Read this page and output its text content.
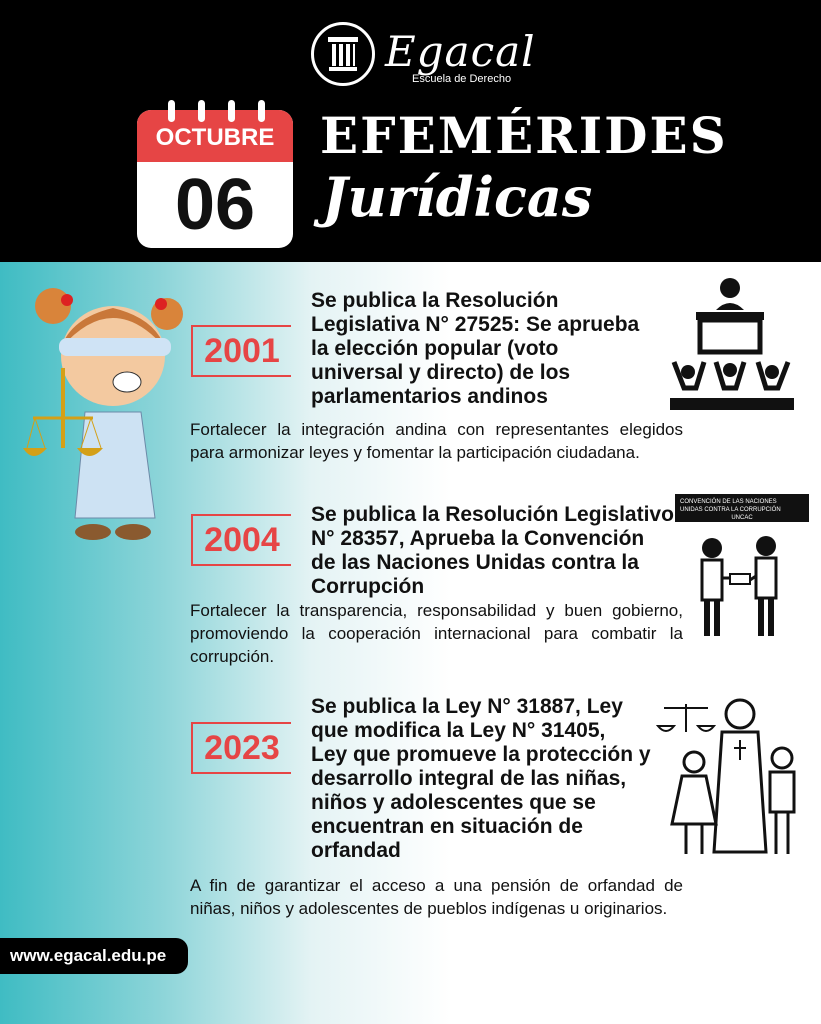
Egacal
Escuela de Derecho
OCTUBRE
06
EFEMÉRIDES
Jurídicas
2001
Se publica la Resolución
Legislativa N° 27525: Se aprueba
la elección popular (voto
universal y directo) de los
parlamentarios andinos

Fortalecer la integración andina con representantes elegidos para armonizar leyes y fomentar la participación ciudadana.

2004
Se publica la Resolución Legislativo
N° 28357, Aprueba la Convención
de las Naciones Unidas contra la
Corrupción

Fortalecer la transparencia, responsabilidad y buen gobierno, promoviendo la cooperación internacional para combatir la corrupción.

CONVENCIÓN DE LAS NACIONES
UNIDAS CONTRA LA CORRUPCIÓN
UNCAC
2023
Se publica la Ley N° 31887, Ley
que modifica la Ley N° 31405,
Ley que promueve la protección y
desarrollo integral de las niñas,
niños y adolescentes que se
encuentran en situación de
orfandad

A fin de garantizar el acceso a una pensión de orfandad de niñas, niños y adolescentes de pueblos indígenas u originarios.

www.egacal.edu.pe
